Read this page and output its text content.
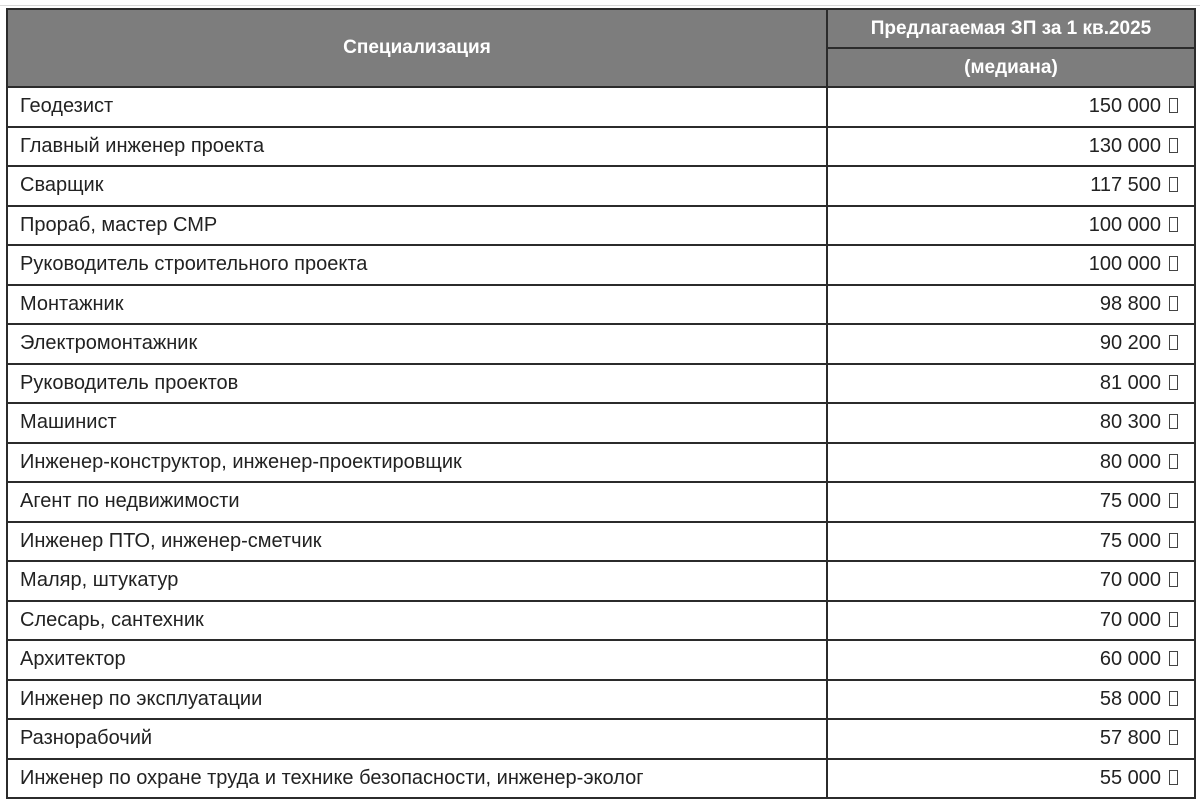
Специализация	Предлагаемая ЗП за 1 кв.2025
	(медиана)
Геодезист	150 000
Главный инженер проекта	130 000
Сварщик	117 500
Прораб, мастер СМР	100 000
Руководитель строительного проекта	100 000
Монтажник	98 800
Электромонтажник	90 200
Руководитель проектов	81 000
Машинист	80 300
Инженер-конструктор, инженер-проектировщик	80 000
Агент по недвижимости	75 000
Инженер ПТО, инженер-сметчик	75 000
Маляр, штукатур	70 000
Слесарь, сантехник	70 000
Архитектор	60 000
Инженер по эксплуатации	58 000
Разнорабочий	57 800
Инженер по охране труда и технике безопасности, инженер-эколог	55 000
